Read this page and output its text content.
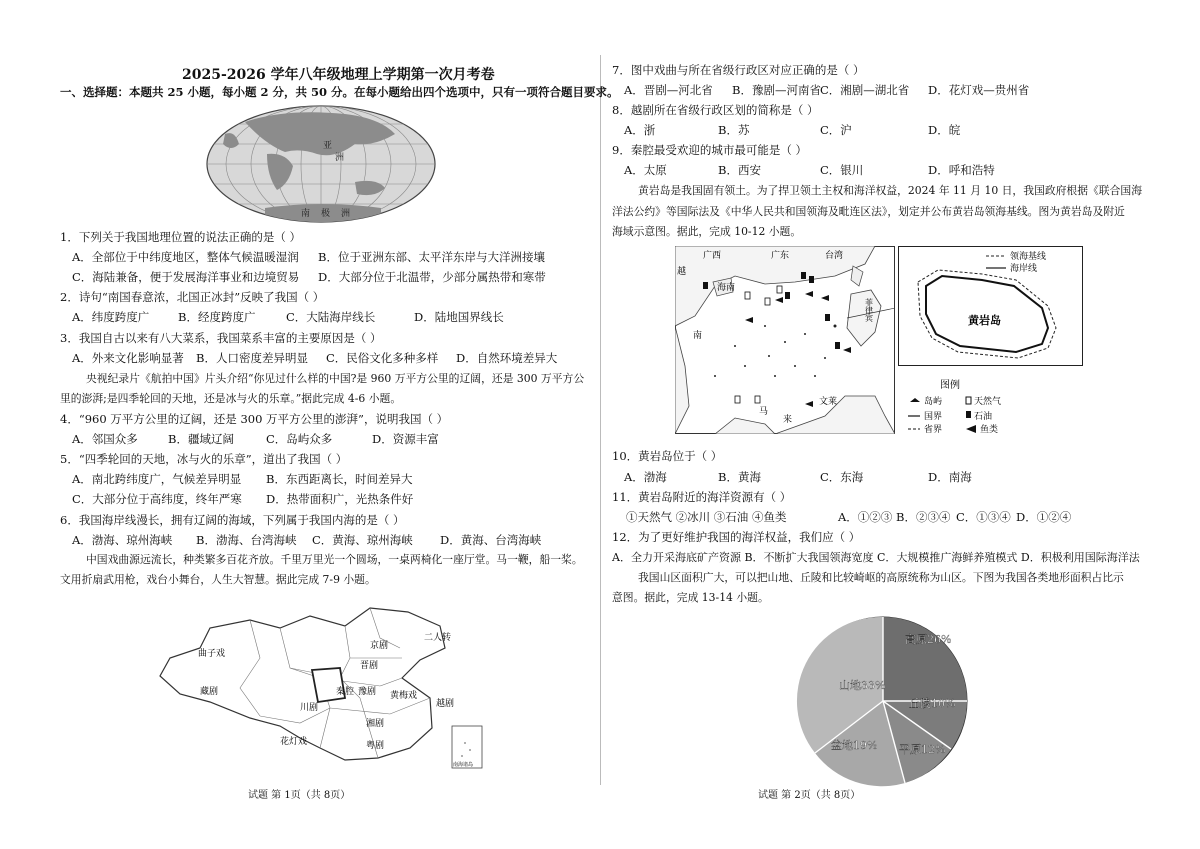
2025-2026 学年八年级地理上学期第一次月考卷
一、选择题：本题共 25 小题，每小题 2 分，共 50 分。在每小题给出四个选项中，只有一项符合题目要求。
亚
洲
南 极 洲
1．下列关于我国地理位置的说法正确的是（ ）
A．全部位于中纬度地区，整体气候温暖湿润 B．位于亚洲东部、太平洋东岸与大洋洲接壤
C．海陆兼备，便于发展海洋事业和边境贸易 D．大部分位于北温带，少部分属热带和寒带
2．诗句“南国春意浓，北国正冰封”反映了我国（ ）
A．纬度跨度广 B．经度跨度广	C．大陆海岸线长	D．陆地国界线长
3．我国自古以来有八大菜系，我国菜系丰富的主要原因是（ ）
A．外来文化影响显著 B．人口密度差异明显 C．民俗文化多种多样 D．自然环境差异大
央视纪录片《航拍中国》片头介绍“你见过什么样的中国?是 960 万平方公里的辽阔，还是 300 万平方公
里的澎湃;是四季轮回的天地，还是冰与火的乐章。”据此完成 4-6 小题。
4．“960 万平方公里的辽阔，还是 300 万平方公里的澎湃”，说明我国（ ）
A．邻国众多	B．疆域辽阔	C．岛屿众多	D．资源丰富
5．“四季轮回的天地，冰与火的乐章”，道出了我国（ ）
A．南北跨纬度广，气候差异明显 B．东西距离长，时间差异大
C．大部分位于高纬度，终年严寒 D．热带面积广，光热条件好
6．我国海岸线漫长，拥有辽阔的海域，下列属于我国内海的是（ ）
A．渤海、琼州海峡 B．渤海、台湾海峡 C．黄海、琼州海峡 D．黄海、台湾海峡
中国戏曲源远流长，种类繁多百花齐放。千里万里光一个圆场，一桌两椅化一座厅堂。马一鞭，船一桨。
文用折扇武用枪，戏台小舞台，人生大智慧。据此完成 7-9 小题。
曲子戏
京剧
晋剧
豫剧
秦腔
川剧
黄梅戏
越剧
湘剧
粤剧
花灯戏
藏剧
二人转
南海诸岛
试题 第 1页（共 8页）
7．图中戏曲与所在省级行政区对应正确的是（ ）
A．晋剧—河北省 B．豫剧—河南省 C．湘剧—湖北省 D．花灯戏—贵州省
8．越剧所在省级行政区划的简称是（ ）
A．浙	B．苏	C．沪	D．皖
9．秦腔最受欢迎的城市最可能是（ ）
A．太原	B．西安	C．银川	D．呼和浩特
黄岩岛是我国固有领土。为了捍卫领土主权和海洋权益，2024 年 11 月 10 日，我国政府根据《联合国海
洋法公约》等国际法及《中华人民共和国领海及毗连区法》，划定并公布黄岩岛领海基线。图为黄岩岛及附近
海域示意图。据此，完成 10-12 小题。
广西	广东	台湾
越
海南
南
菲律宾
文莱
马
来
领海基线
海岸线
黄岩岛
图例
岛屿	天然气
国界	石油
省界	鱼类
10．黄岩岛位于（ ）
A．渤海	B．黄海	C．东海	D．南海
11．黄岩岛附近的海洋资源有（ ）
①天然气 ②冰川 ③石油 ④鱼类	A．①②③ B．②③④ C．①③④ D．①②④
12．为了更好维护我国的海洋权益，我们应（ ）
A．全力开采海底矿产资源 B．不断扩大我国领海宽度 C．大规模推广海鲜养殖模式 D．积极利用国际海洋法
我国山区面积广大，可以把山地、丘陵和比较崎岖的高原统称为山区。下图为我国各类地形面积占比示
意图。据此，完成 13-14 小题。
高原26%
山地33%
丘陵10%
盆地19% 平原12%
试题 第 2页（共 8页）
